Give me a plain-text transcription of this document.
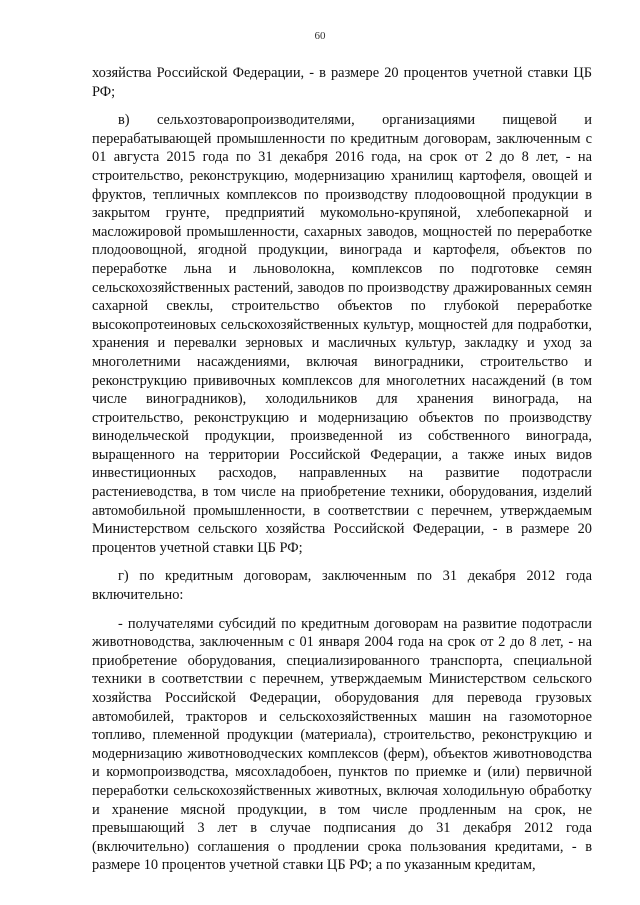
60

хозяйства Российской Федерации, - в размере 20 процентов учетной ставки ЦБ РФ;

в) сельхозтоваропроизводителями, организациями пищевой и перерабатывающей промышленности по кредитным договорам, заключенным с 01 августа 2015 года по 31 декабря 2016 года, на срок от 2 до 8 лет, - на строительство, реконструкцию, модернизацию хранилищ картофеля, овощей и фруктов, тепличных комплексов по производству плодоовощной продукции в закрытом грунте, предприятий мукомольно-крупяной, хлебопекарной и масложировой промышленности, сахарных заводов, мощностей по переработке плодоовощной, ягодной продукции, винограда и картофеля, объектов по переработке льна и льноволокна, комплексов по подготовке семян сельскохозяйственных растений, заводов по производству дражированных семян сахарной свеклы, строительство объектов по глубокой переработке высокопротеиновых сельскохозяйственных культур, мощностей для подработки, хранения и перевалки зерновых и масличных культур, закладку и уход за многолетними насаждениями, включая виноградники, строительство и реконструкцию прививочных комплексов для многолетних насаждений (в том числе виноградников), холодильников для хранения винограда, на строительство, реконструкцию и модернизацию объектов по производству винодельческой продукции, произведенной из собственного винограда, выращенного на территории Российской Федерации, а также иных видов инвестиционных расходов, направленных на развитие подотрасли растениеводства, в том числе на приобретение техники, оборудования, изделий автомобильной промышленности, в соответствии с перечнем, утверждаемым Министерством сельского хозяйства Российской Федерации, - в размере 20 процентов учетной ставки ЦБ РФ;

г) по кредитным договорам, заключенным по 31 декабря 2012 года включительно:

- получателями субсидий по кредитным договорам на развитие подотрасли животноводства, заключенным с 01 января 2004 года на срок от 2 до 8 лет, - на приобретение оборудования, специализированного транспорта, специальной техники в соответствии с перечнем, утверждаемым Министерством сельского хозяйства Российской Федерации, оборудования для перевода грузовых автомобилей, тракторов и сельскохозяйственных машин на газомоторное топливо, племенной продукции (материала), строительство, реконструкцию и модернизацию животноводческих комплексов (ферм), объектов животноводства и кормопроизводства, мясохладобоен, пунктов по приемке и (или) первичной переработки сельскохозяйственных животных, включая холодильную обработку и хранение мясной продукции, в том числе продленным на срок, не превышающий 3 лет в случае подписания до 31 декабря 2012 года (включительно) соглашения о продлении срока пользования кредитами, - в размере 10 процентов учетной ставки ЦБ РФ; а по указанным кредитам,
